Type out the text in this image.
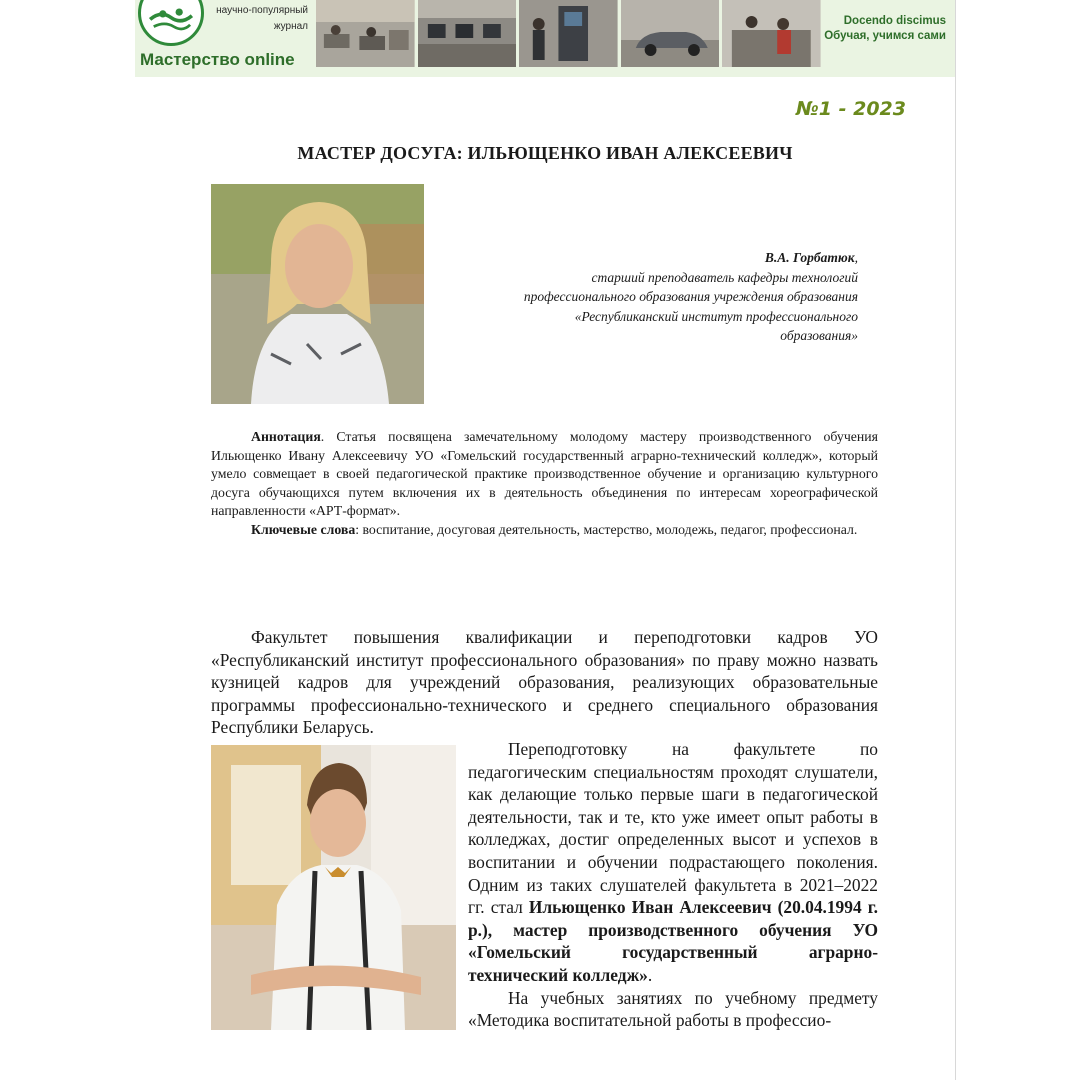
научно-популярный журнал
Мастерство online
Docendo discimus
Обучая, учимся сами
№1 - 2023
МАСТЕР ДОСУГА: ИЛЬЮЩЕНКО ИВАН АЛЕКСЕЕВИЧ
В.А. Горбатюк,
старший преподаватель кафедры технологий профессионального образования учреждения образования «Республиканский институт профессионального образования»

Аннотация. Статья посвящена замечательному молодому мастеру производственного обучения Ильющенко Ивану Алексеевичу УО «Гомельский государственный аграрно-технический колледж», который умело совмещает в своей педагогической практике производственное обучение и организацию культурного досуга обучающихся путем включения их в деятельность объединения по интересам хореографической направленности «АРТ-формат».

Ключевые слова: воспитание, досуговая деятельность, мастерство, молодежь, педагог, профессионал.

Факультет повышения квалификации и переподготовки кадров УО «Республиканский институт профессионального образования» по праву можно назвать кузницей кадров для учреждений образования, реализующих образовательные программы профессионально-технического и среднего специального образования Республики Беларусь.

Переподготовку на факультете по педагогическим специальностям проходят слушатели, как делающие только первые шаги в педагогической деятельности, так и те, кто уже имеет опыт работы в колледжах, достиг определенных высот и успехов в воспитании и обучении подрастающего поколения. Одним из таких слушателей факультета в 2021–2022 гг. стал Ильющенко Иван Алексеевич (20.04.1994 г. р.), мастер производственного обучения УО «Гомельский государственный аграрно-технический колледж».

На учебных занятиях по учебному предмету «Методика воспитательной работы в профессио-
